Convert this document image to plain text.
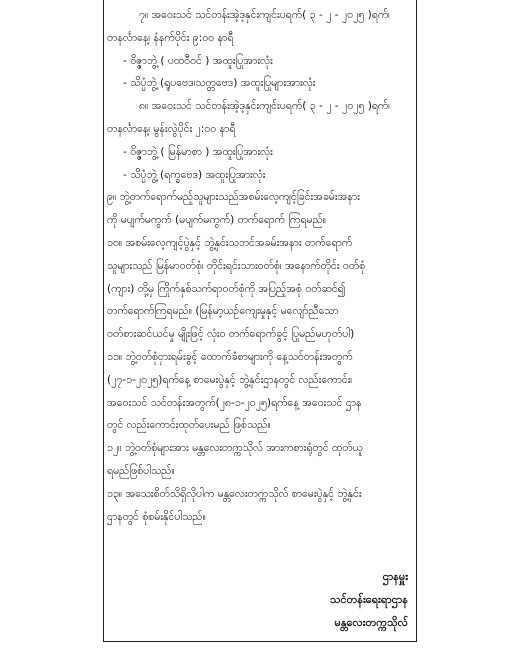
၇။ အဝေးသင် သင်တန်းအဲ့ဒ့နှင်းကျင်းပရက်( ၃ - ၂ - ၂၀၂၅ )ရက်၊
တနင်္လာနေ့၊ နံနက်ပိုင်း ၉:၀၀ နာရီ
- ဝိဇ္ဇာဘွဲ့ ( ပထဝီဝင် ) အထူးပြုအားလုံး
- သိပ္ပံဘွဲ့ (ရူပဗေဒ၊သတ္တဗေဒ) အထူးပြုများအားလုံး
၈။ အဝေးသင် သင်တန်းအဲ့ဒ့နှင်းကျင်းပရက်( ၃ - ၂ - ၂၀၂၅ )ရက်၊
တနင်္လာနေ့၊ မွန်းလွဲပိုင်း ၂:၀၀ နာရီ
- ဝိဇ္ဇာဘွဲ့ ( မြန်မာစာ ) အထူးပြုအားလုံး
- သိပ္ပံဘွဲ့ (ရက္ခဗေဒ) အထူးပြုအားလုံး
၉။ ဘွဲ့တက်ရောက်မည့်သူများသည်အစမ်းလေ့ကျင့်ခြင်းအခမ်းအနား
ကို မပျက်မကွက် (မပျက်မကွက်) တက်ရောက် ကြရမည်။
၁၀။ အစမ်းလေ့ကျင့်ပွဲနှင့် ဘွဲ့နှင်းသဘင်အခမ်းအနား တက်ရောက်
သူများသည် မြန်မာဝတ်စုံ၊ တိုင်းရင်းသားဝတ်စုံ၊ အနောက်တိုင်း ဝတ်စုံ
(ကျား) တို့မှ ကြိုက်နှစ်သက်ရာဝတ်စုံကို အပြည့်အစုံ ဝတ်ဆင်၍
တက်ရောက်ကြရမည်။ (မြန်မာ့ယဉ်ကျေးမှုနှင့် မလျော်ညီသော
ဝတ်စားဆင်ယင်မှု မျိုးဖြင့် လုံးဝ တက်ရောက်ခွင့် ပြုမည်မဟုတ်ပါ)
၁၁။ ဘွဲ့ဝတ်စုံငှားရမ်းခွင့် ထောက်ခံစာများကို နေ့သင်တန်းအတွက်
(၂၇-၁-၂၀၂၅)ရက်နေ့ စာမေးပွဲနှင့် ဘွဲ့နှင်းဌာနတွင် လည်းကောင်း၊
အဝေးသင် သင်တန်းအတွက်(၂၈-၁-၂၀၂၅)ရက်နေ့ အဝေးသင် ဌာန
တွင် လည်းကောင်းထုတ်ပေးမည် ဖြစ်သည်။
၁၂။ ဘွဲ့ဝတ်စုံများအား မန္တလေးတက္ကသိုလ် အားကစားရုံတွင် ထုတ်ယူ
ရမည်ဖြစ်ပါသည်။
၁၃။ အသေးစိတ်သိရှိလိုပါက မန္တလေးတက္ကသိုလ် စာမေးပွဲနှင့် ဘွဲ့နှင်း
ဌာနတွင် စုံစမ်းနိုင်ပါသည်။
ဌာနမှူး
သင်တန်းရေးရာဌာန
မန္တလေးတက္ကသိုလ်
